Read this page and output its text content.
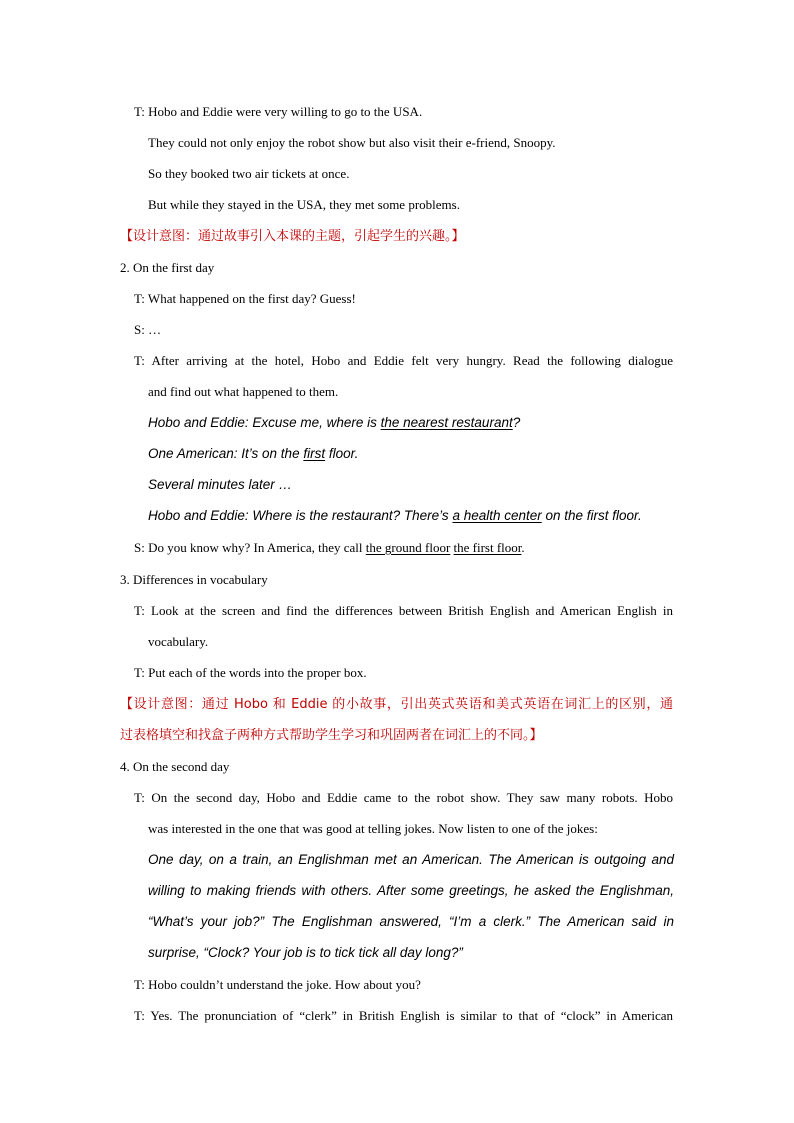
T: Hobo and Eddie were very willing to go to the USA.
They could not only enjoy the robot show but also visit their e-friend, Snoopy.
So they booked two air tickets at once.
But while they stayed in the USA, they met some problems.
【设计意图：通过故事引入本课的主题，引起学生的兴趣。】
2. On the first day
T: What happened on the first day? Guess!
S: …
T: After arriving at the hotel, Hobo and Eddie felt very hungry. Read the following dialogue
and find out what happened to them.
Hobo and Eddie: Excuse me, where is the nearest restaurant?
One American: It’s on the first floor.
Several minutes later …
Hobo and Eddie: Where is the restaurant? There’s a health center on the first floor.
S: Do you know why? In America, they call the ground floor the first floor.
3. Differences in vocabulary
T: Look at the screen and find the differences between British English and American English in
vocabulary.
T: Put each of the words into the proper box.
【设计意图：通过 Hobo 和 Eddie 的小故事，引出英式英语和美式英语在词汇上的区别，通
过表格填空和找盒子两种方式帮助学生学习和巩固两者在词汇上的不同。】
4. On the second day
T: On the second day, Hobo and Eddie came to the robot show. They saw many robots. Hobo
was interested in the one that was good at telling jokes. Now listen to one of the jokes:
One day, on a train, an Englishman met an American. The American is outgoing and
willing to making friends with others. After some greetings, he asked the Englishman,
“What’s your job?” The Englishman answered, “I’m a clerk.” The American said in
surprise, “Clock? Your job is to tick tick all day long?”
T: Hobo couldn’t understand the joke. How about you?
T: Yes. The pronunciation of “clerk” in British English is similar to that of “clock” in American
